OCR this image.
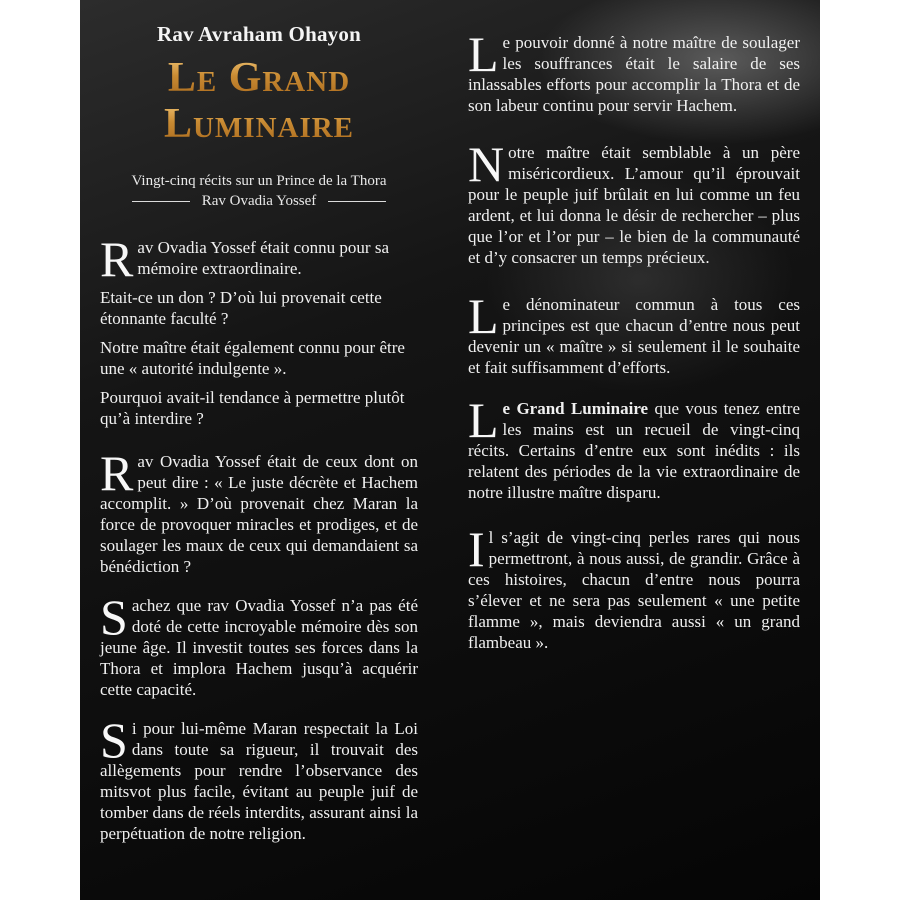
Rav Avraham Ohayon
Le Grand
Luminaire
Vingt-cinq récits sur un Prince de la Thora
Rav Ovadia Yossef

Rav Ovadia Yossef était connu pour sa mémoire extraordinaire.

Etait-ce un don ? D’où lui provenait cette étonnante faculté ?

Notre maître était également connu pour être une « autorité indulgente ».

Pourquoi avait-il tendance à permettre plutôt qu’à interdire ?

Rav Ovadia Yossef était de ceux dont on peut dire : « Le juste décrète et Hachem accomplit. » D’où provenait chez Maran la force de provoquer miracles et prodiges, et de soulager les maux de ceux qui demandaient sa bénédiction ?

Sachez que rav Ovadia Yossef n’a pas été doté de cette incroyable mémoire dès son jeune âge. Il investit toutes ses forces dans la Thora et implora Hachem jusqu’à acquérir cette capacité.

Si pour lui-même Maran respectait la Loi dans toute sa rigueur, il trouvait des allègements pour rendre l’observance des mitsvot plus facile, évitant au peuple juif de tomber dans de réels interdits, assurant ainsi la perpétuation de notre religion.

Le pouvoir donné à notre maître de soulager les souffrances était le salaire de ses inlassables efforts pour accomplir la Thora et de son labeur continu pour servir Hachem.

Notre maître était semblable à un père miséricordieux. L’amour qu’il éprouvait pour le peuple juif brûlait en lui comme un feu ardent, et lui donna le désir de rechercher – plus que l’or et l’or pur – le bien de la communauté et d’y consacrer un temps précieux.

Le dénominateur commun à tous ces principes est que chacun d’entre nous peut devenir un « maître » si seulement il le souhaite et fait suffisamment d’efforts.

Le Grand Luminaire que vous tenez entre les mains est un recueil de vingt-cinq récits. Certains d’entre eux sont inédits : ils relatent des périodes de la vie extraordinaire de notre illustre maître disparu.

Il s’agit de vingt-cinq perles rares qui nous permettront, à nous aussi, de grandir. Grâce à ces histoires, chacun d’entre nous pourra s’élever et ne sera pas seulement « une petite flamme », mais deviendra aussi « un grand flambeau ».
